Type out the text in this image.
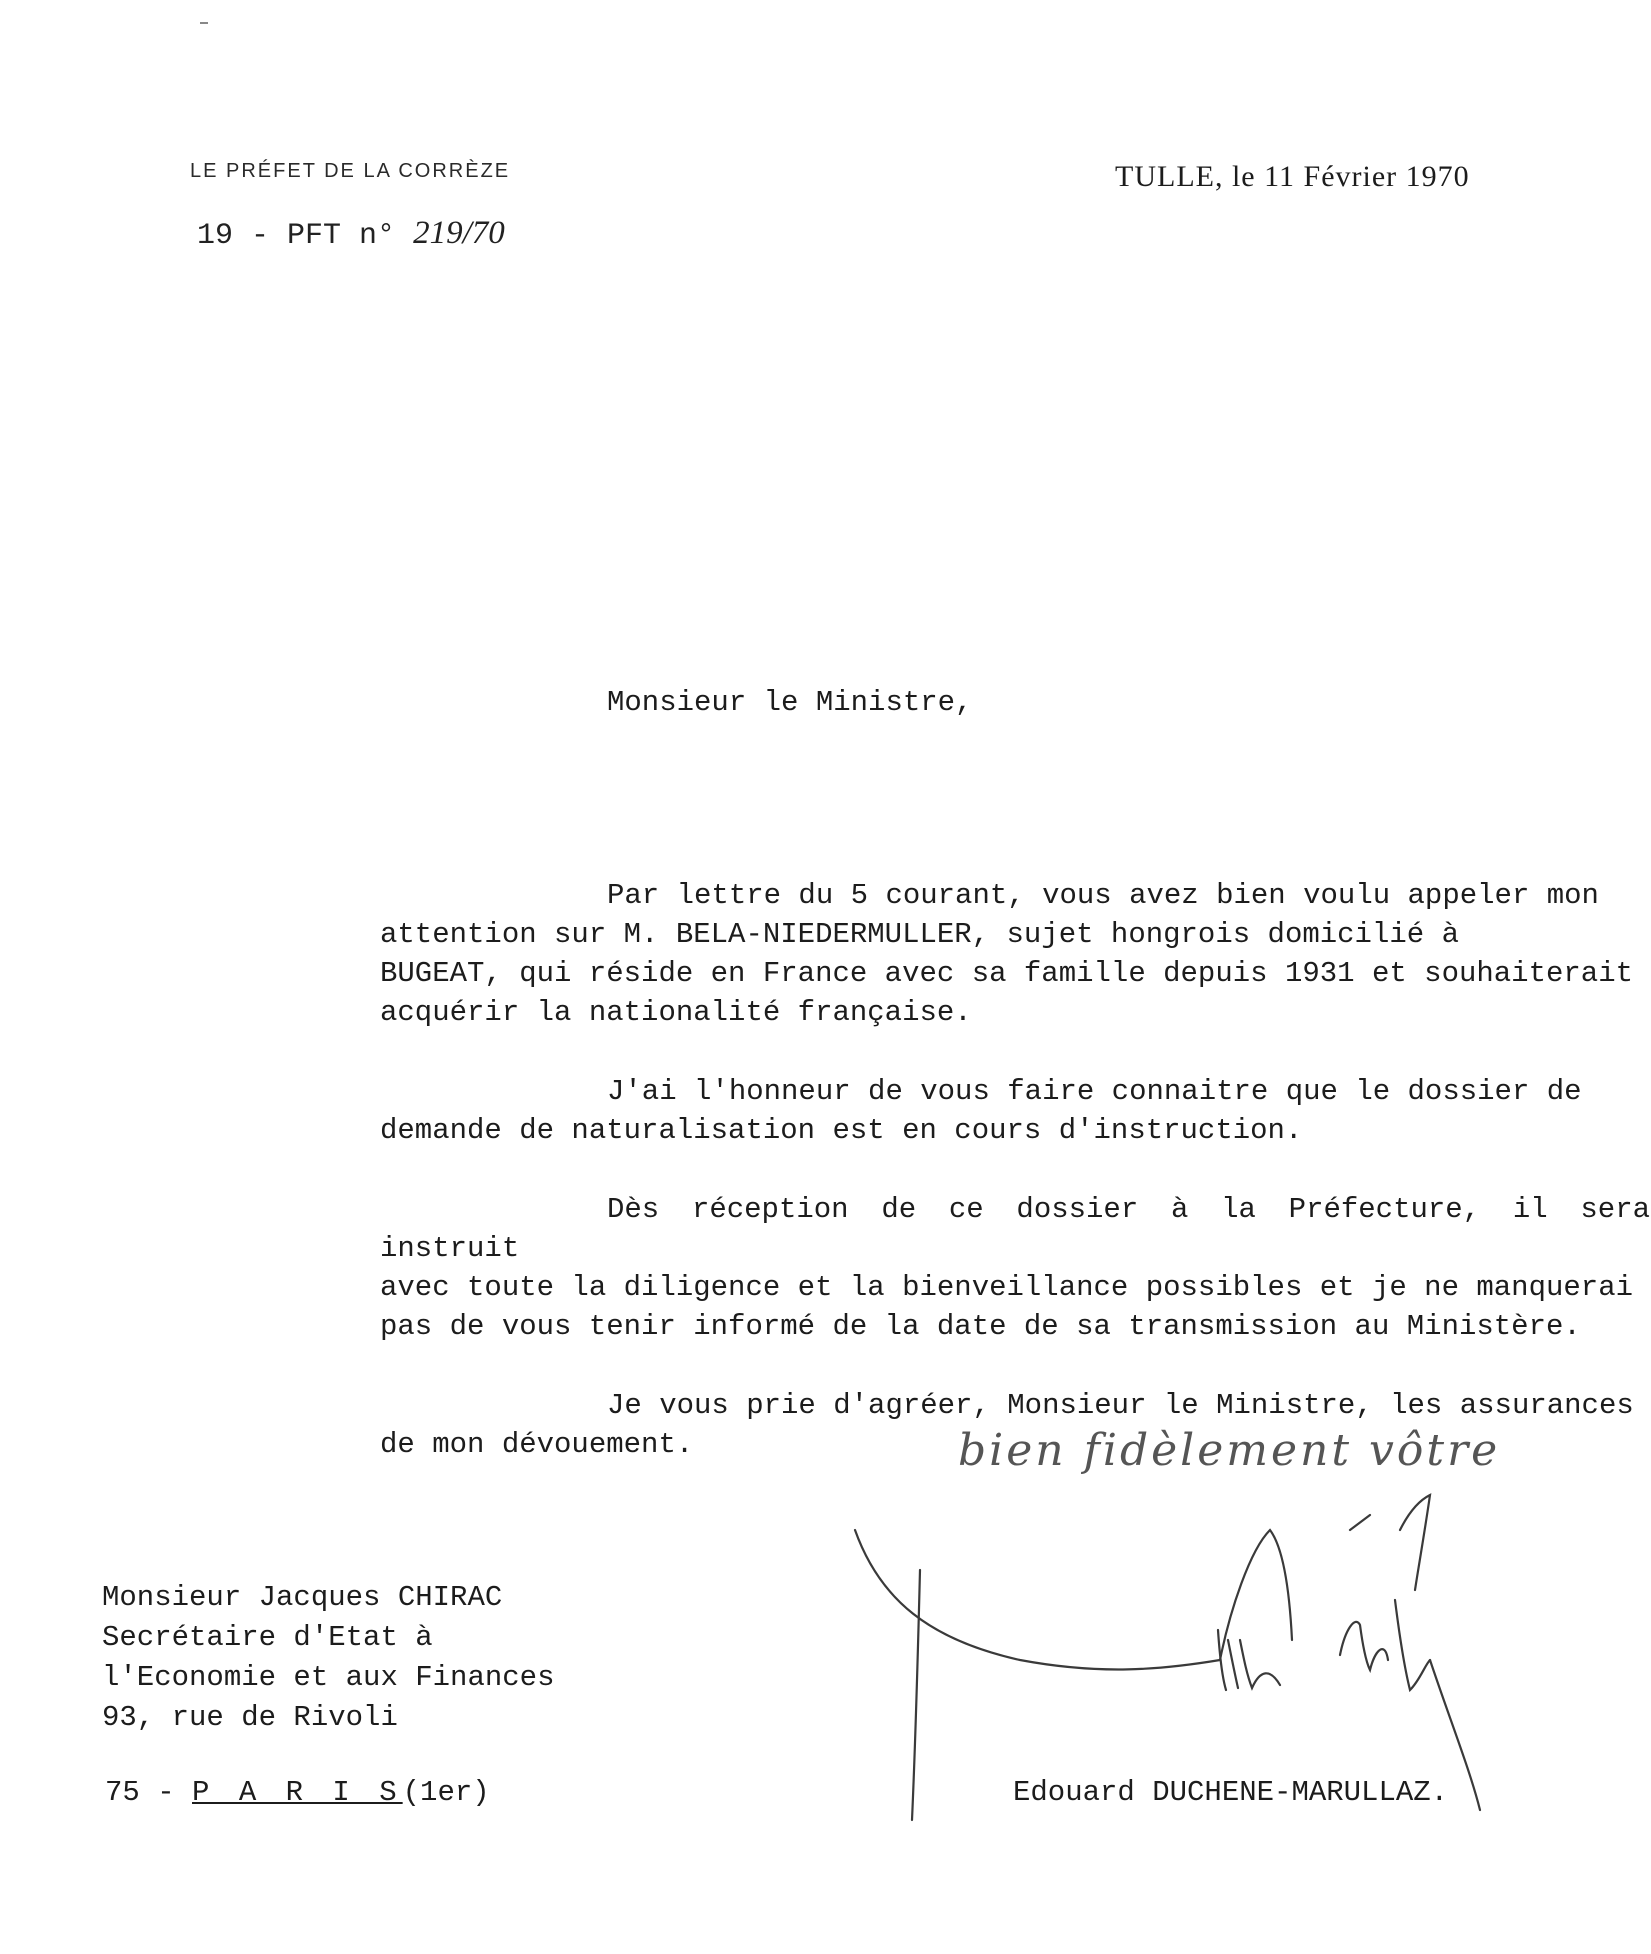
LE PRÉFET DE LA CORRÈZE
19 - PFT n° 219/70
TULLE, le 11 Février 1970
Monsieur le Ministre,
Par lettre du 5 courant, vous avez bien voulu appeler mon
attention sur M. BELA-NIEDERMULLER, sujet hongrois domicilié à
BUGEAT, qui réside en France avec sa famille depuis 1931 et souhaiterait
acquérir la nationalité française.
J'ai l'honneur de vous faire connaitre que le dossier de
demande de naturalisation est en cours d'instruction.
Dès réception de ce dossier à la Préfecture, il sera instruit
avec toute la diligence et la bienveillance possibles et je ne manquerai
pas de vous tenir informé de la date de sa transmission au Ministère.
Je vous prie d'agréer, Monsieur le Ministre, les assurances
de mon dévouement.	bien fidèlement vôtre
Monsieur Jacques CHIRAC
Secrétaire d'Etat à
l'Economie et aux Finances
93, rue de Rivoli
75 - P A R I S(1er)	Edouard DUCHENE-MARULLAZ.
